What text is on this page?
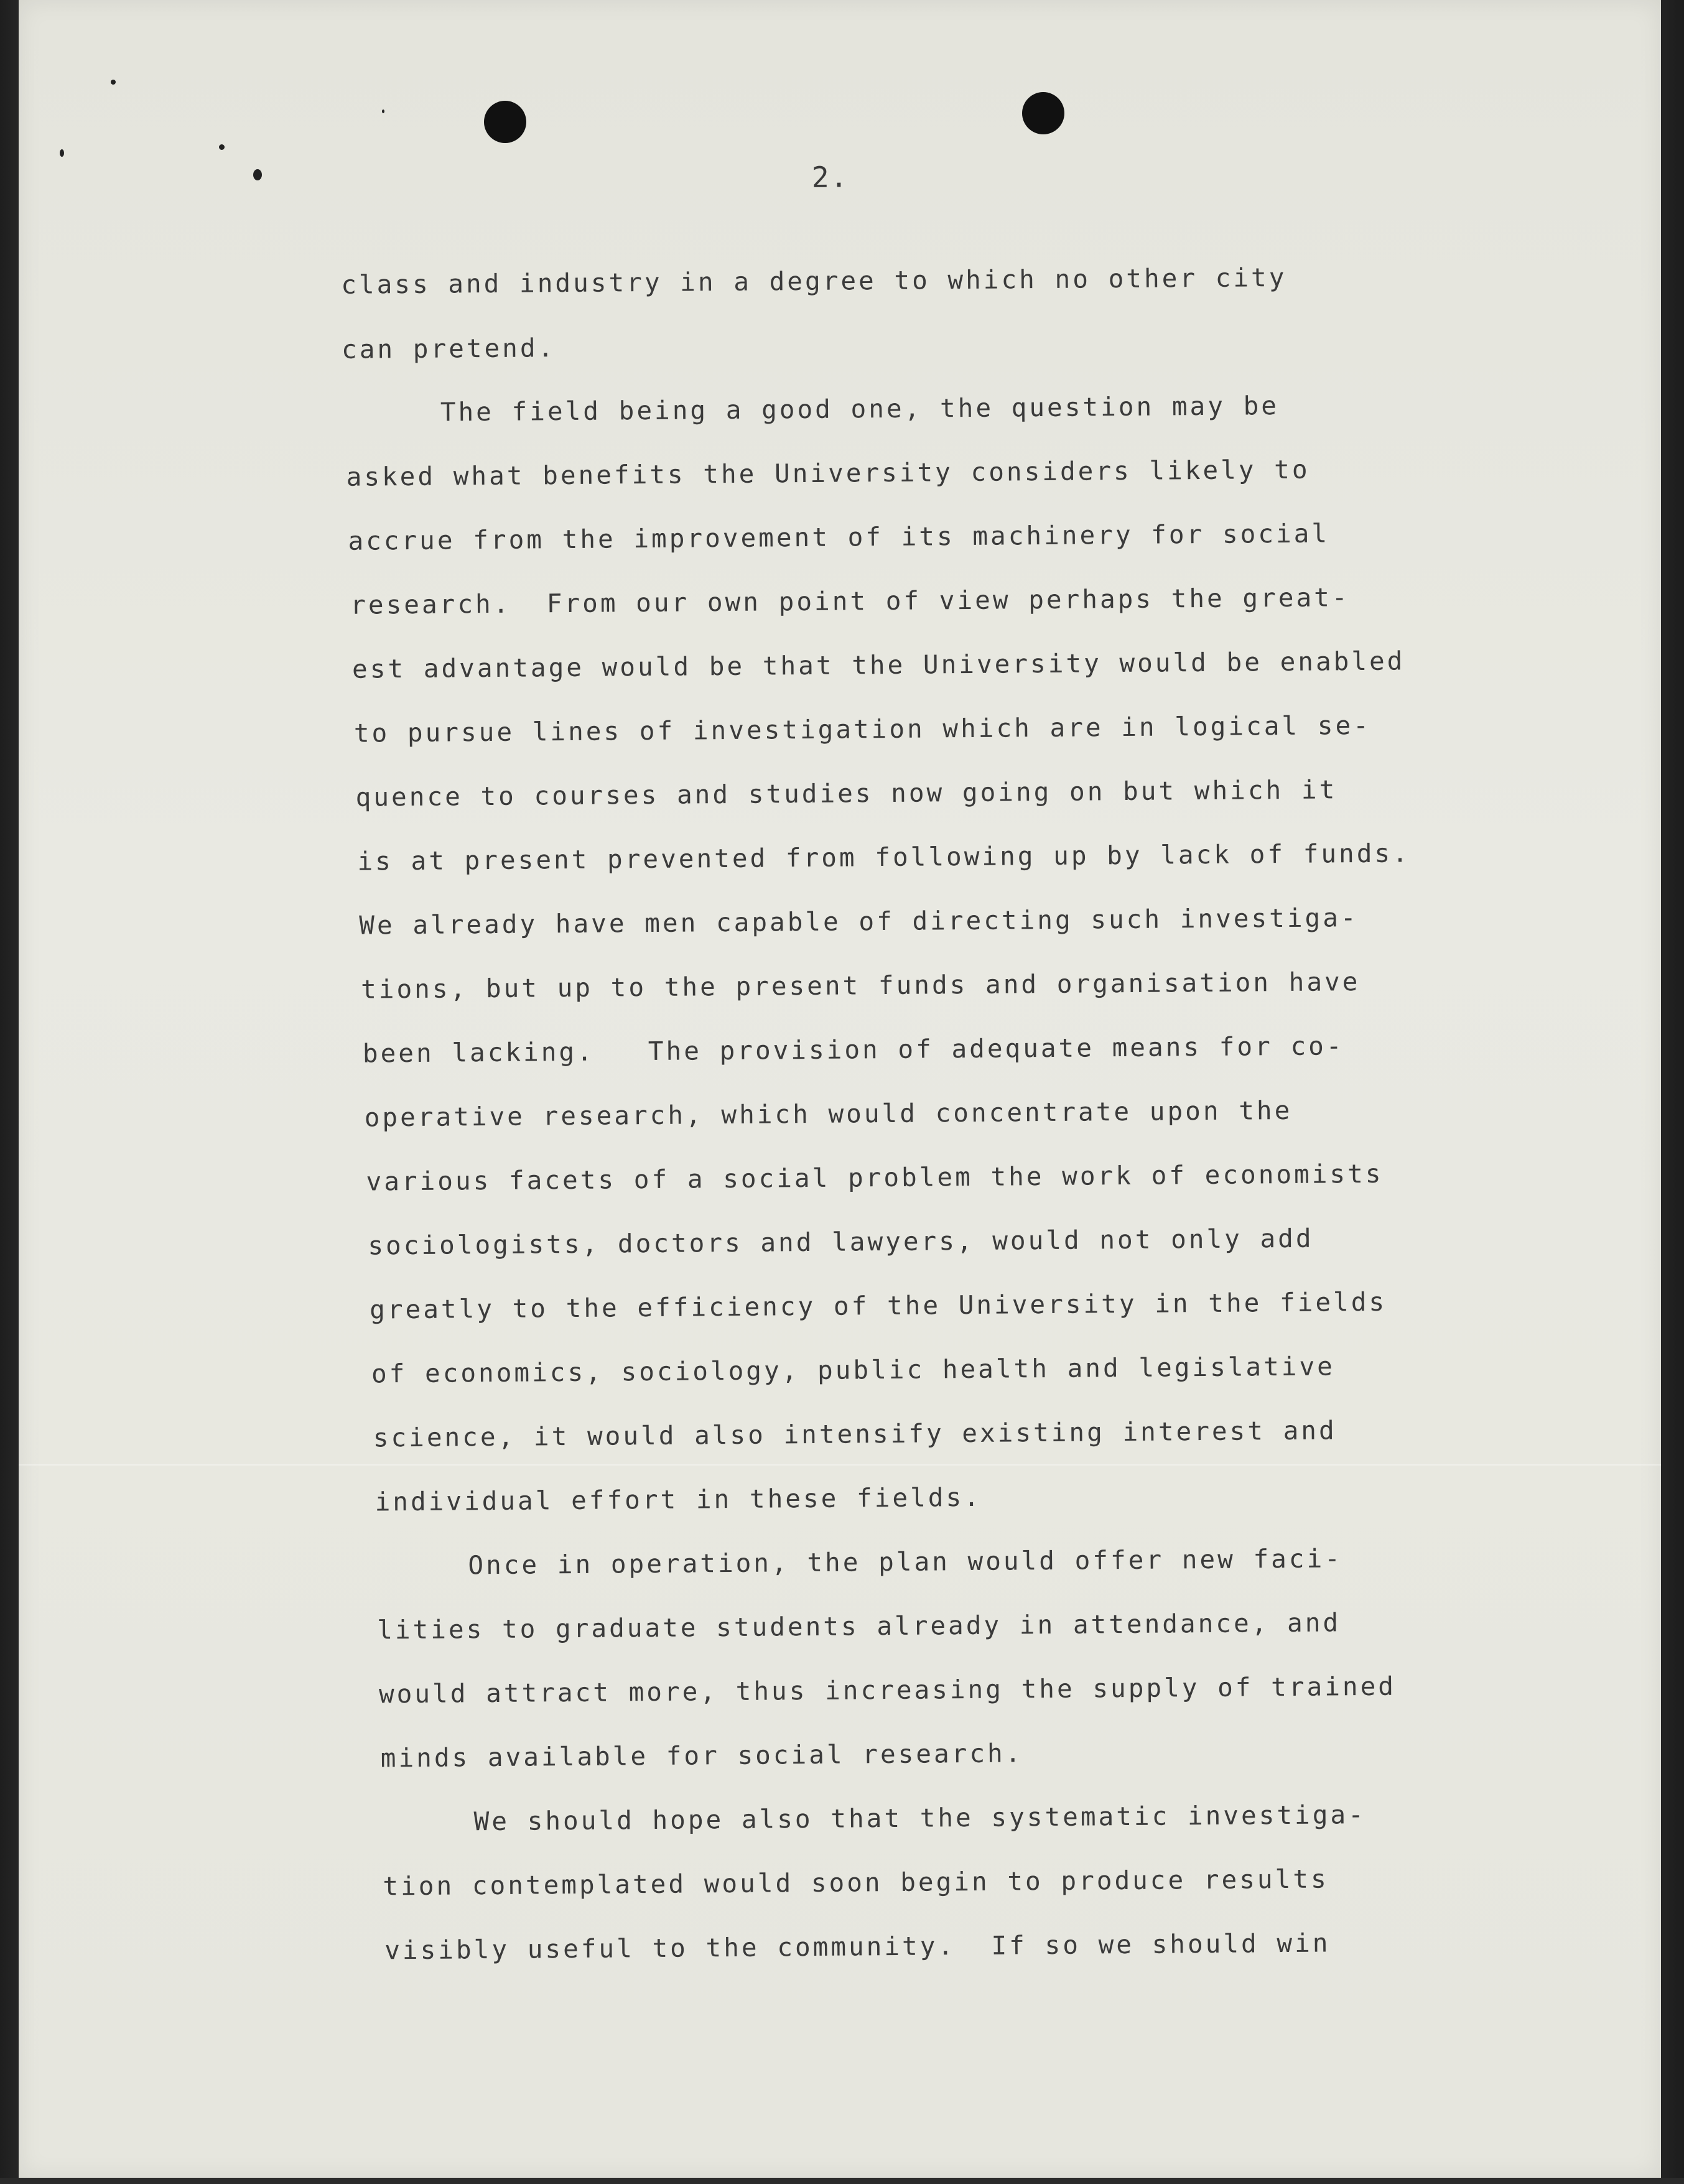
2.
class and industry in a degree to which no other city
can pretend.
The field being a good one, the question may be
asked what benefits the University considers likely to
accrue from the improvement of its machinery for social
research.  From our own point of view perhaps the great-
est advantage would be that the University would be enabled
to pursue lines of investigation which are in logical se-
quence to courses and studies now going on but which it
is at present prevented from following up by lack of funds.
We already have men capable of directing such investiga-
tions, but up to the present funds and organisation have
been lacking.   The provision of adequate means for co-
operative research, which would concentrate upon the
various facets of a social problem the work of economists
sociologists, doctors and lawyers, would not only add
greatly to the efficiency of the University in the fields
of economics, sociology, public health and legislative
science, it would also intensify existing interest and
individual effort in these fields.
Once in operation, the plan would offer new faci-
lities to graduate students already in attendance, and
would attract more, thus increasing the supply of trained
minds available for social research.
We should hope also that the systematic investiga-
tion contemplated would soon begin to produce results
visibly useful to the community.  If so we should win
